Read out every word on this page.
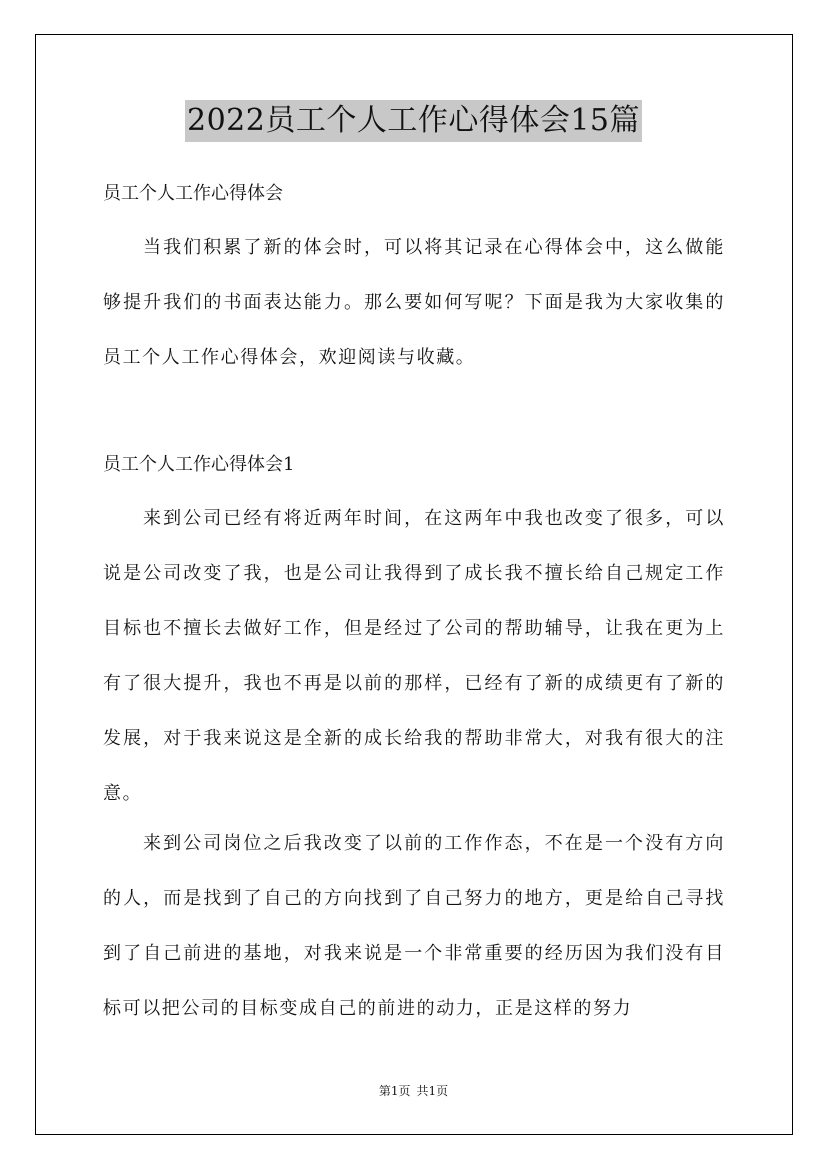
2022员工个人工作心得体会15篇
员工个人工作心得体会
当我们积累了新的体会时，可以将其记录在心得体会中，这么做能够提升我们的书面表达能力。那么要如何写呢？下面是我为大家收集的员工个人工作心得体会，欢迎阅读与收藏。
员工个人工作心得体会1
来到公司已经有将近两年时间，在这两年中我也改变了很多，可以说是公司改变了我，也是公司让我得到了成长我不擅长给自己规定工作目标也不擅长去做好工作，但是经过了公司的帮助辅导，让我在更为上有了很大提升，我也不再是以前的那样，已经有了新的成绩更有了新的发展，对于我来说这是全新的成长给我的帮助非常大，对我有很大的注意。
来到公司岗位之后我改变了以前的工作作态，不在是一个没有方向的人，而是找到了自己的方向找到了自己努力的地方，更是给自己寻找到了自己前进的基地，对我来说是一个非常重要的经历因为我们没有目标可以把公司的目标变成自己的前进的动力，正是这样的努力
第1页 共1页
